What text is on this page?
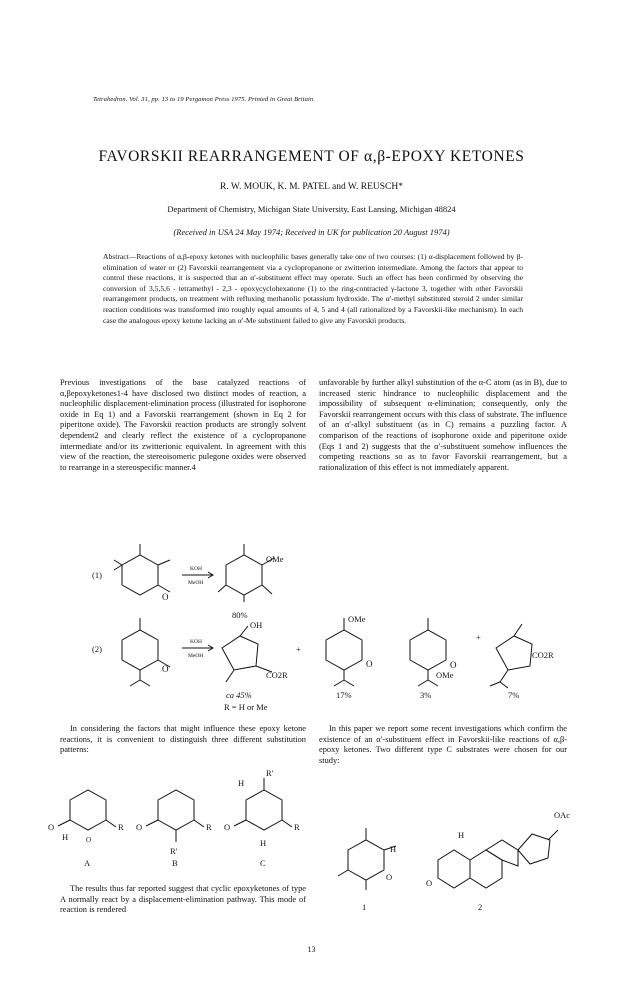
Tetrahedron. Vol. 31, pp. 13 to 19 Pergamon Press 1975. Printed in Great Britain
FAVORSKII REARRANGEMENT OF α,β-EPOXY KETONES
R. W. MOUK, K. M. PATEL and W. REUSCH*
Department of Chemistry, Michigan State University, East Lansing, Michigan 48824
(Received in USA 24 May 1974; Received in UK for publication 20 August 1974)
Abstract—Reactions of α,β-epoxy ketones with nucleophilic bases generally take one of two courses: (1) α-displacement followed by β-elimination of water or (2) Favorskii rearrangement via a cyclopropanone or zwitterion intermediate. Among the factors that appear to control these reactions, it is suspected that an α′-substituent effect may operate. Such an effect has been confirmed by observing the conversion of 3,5,5,6 - tetramethyl - 2,3 - epoxycyclohexanone (1) to the ring-contracted γ-lactone 3, together with other Favorskii rearrangement products, on treatment with refluxing methanolic potassium hydroxide. The α′-methyl substituted steroid 2 under similar reaction conditions was transformed into roughly equal amounts of 4, 5 and 4 (all rationalized by a Favorskii-like mechanism). In each case the analogous epoxy ketone lacking an α′-Me substituent failed to give any Favorskii products.
Previous investigations of the base catalyzed reactions of α,βepoxyketones1-4 have disclosed two distinct modes of reaction, a nucleophilic displacement-elimination process (illustrated for isophorone oxide in Eq 1) and a Favorskii rearrangement (shown in Eq 2 for piperitone oxide). The Favorskii reaction products are strongly solvent dependent2 and clearly reflect the existence of a cyclopropanone intermediate and/or its zwitterionic equivalent. In agreement with this view of the reaction, the stereoisomeric pulegone oxides were observed to rearrange in a stereospecific manner.4
unfavorable by further alkyl substitution of the α-C atom (as in B), due to increased steric hindrance to nucleophilic displacement and the impossibility of subsequent α-elimination; consequently, only the Favorskii rearrangement occurs with this class of substrate. The influence of an α′-alkyl substituent (as in C) remains a puzzling factor. A comparison of the reactions of isophorone oxide and piperitone oxide (Eqs 1 and 2) suggests that the α′-substituent somehow influences the competing reactions so as to favor Favorskii rearrangement, but a rationalization of this effect is not immediately apparent.
(1)
KOH
MeOH
O
OMe
80%
(2)
KOH
MeOH
O
OH
CO2R
+
ca 45%
R = H or Me
OMe
O
17%
O
OMe
3%
+
CO2R
7%
In considering the factors that might influence these epoxy ketone reactions, it is convenient to distinguish three different substitution patterns:
In this paper we report some recent investigations which confirm the existence of an α′-substituent effect in Favorskii-like reactions of α,β-epoxy ketones. Two different type C substrates were chosen for our study:
O
H
R
O
A
O
R′
R
B
O
H
R′
R
H
C
The results thus far reported suggest that cyclic epoxyketones of type A normally react by a displacement-elimination pathway. This mode of reaction is rendered
H
O
1
O
H
OAc
2
13
